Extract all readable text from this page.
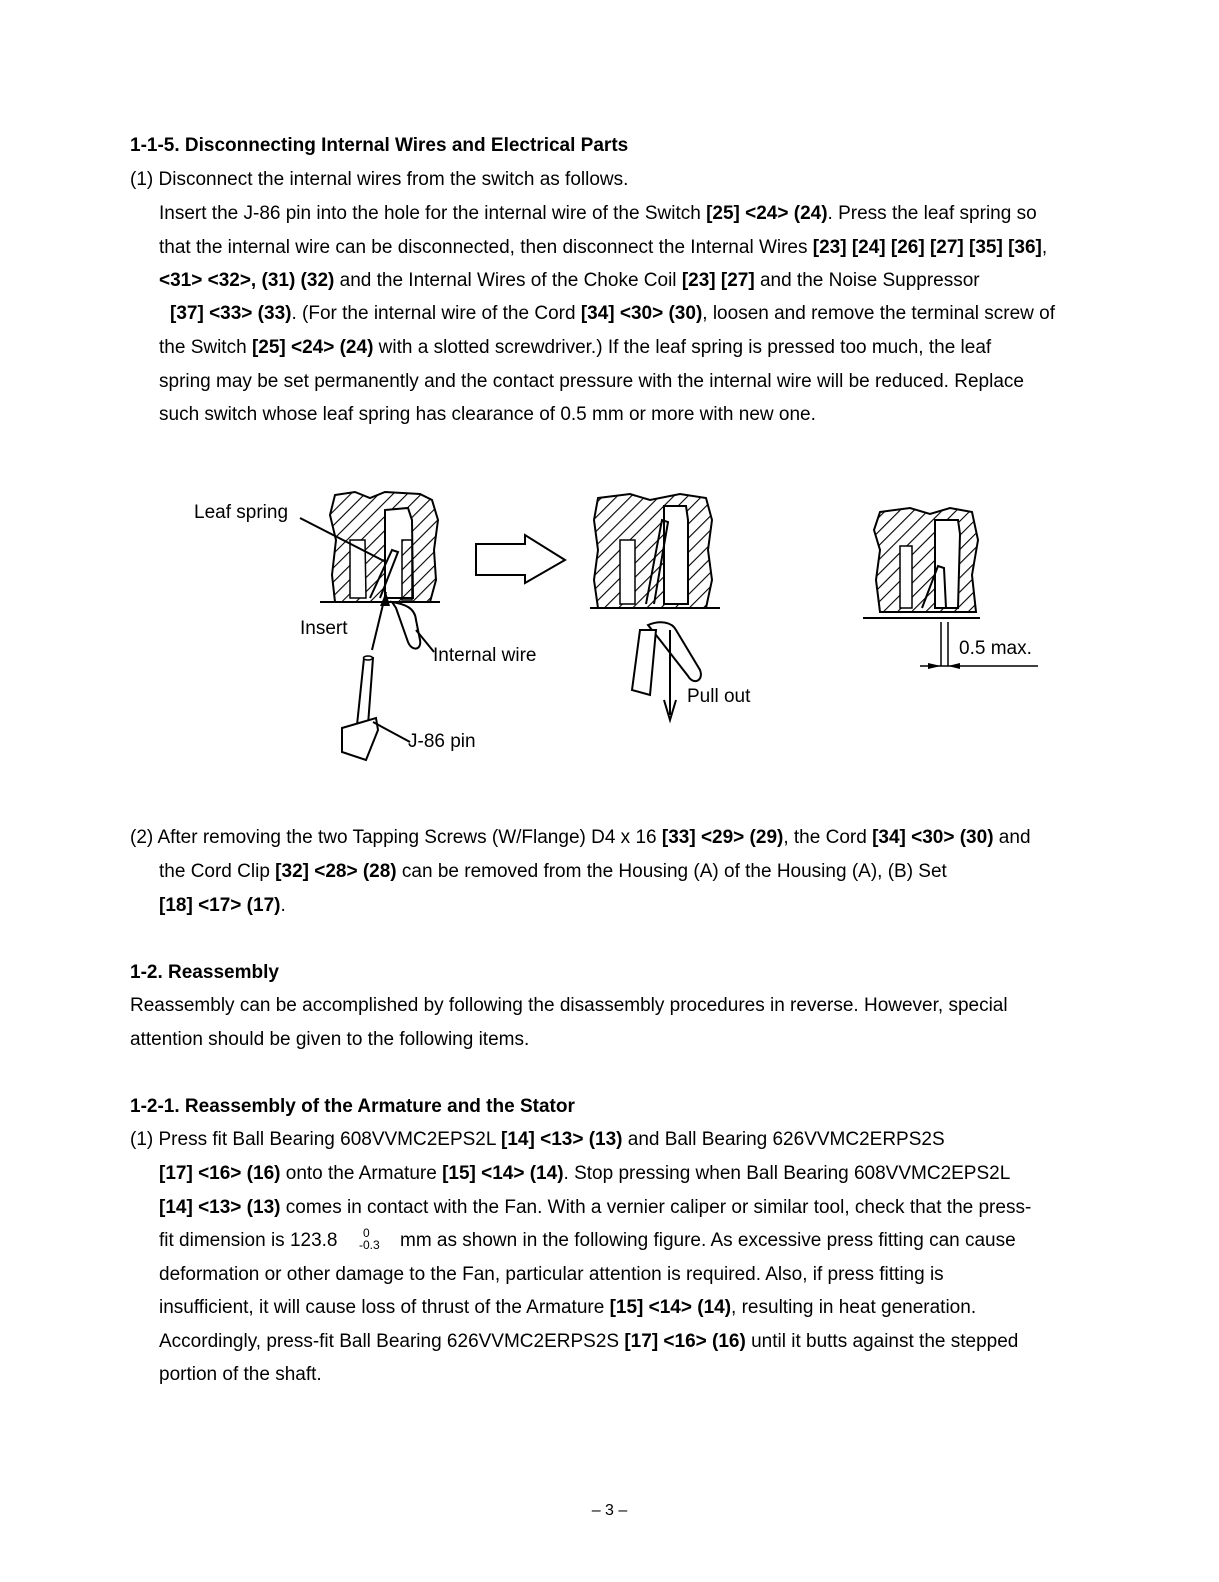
1-1-5. Disconnecting Internal Wires and Electrical Parts
(1) Disconnect the internal wires from the switch as follows.
Insert the J-86 pin into the hole for the internal wire of the Switch [25] <24> (24). Press the leaf spring so
that the internal wire can be disconnected, then disconnect the Internal Wires [23] [24] [26] [27] [35] [36],
<31> <32>, (31) (32) and the Internal Wires of the Choke Coil [23] [27] and the Noise Suppressor
[37] <33> (33). (For the internal wire of the Cord [34] <30> (30), loosen and remove the terminal screw of
the Switch [25] <24> (24) with a slotted screwdriver.) If the leaf spring is pressed too much, the leaf
spring may be set permanently and the contact pressure with the internal wire will be reduced. Replace
such switch whose leaf spring has clearance of 0.5 mm or more with new one.
Leaf spring
Insert
Internal wire
J-86 pin
Pull out
0.5 max.
(2) After removing the two Tapping Screws (W/Flange) D4 x 16 [33] <29> (29), the Cord [34] <30> (30) and
the Cord Clip [32] <28> (28) can be removed from the Housing (A) of the Housing (A), (B) Set
[18] <17> (17).
1-2. Reassembly
Reassembly can be accomplished by following the disassembly procedures in reverse. However, special
attention should be given to the following items.
1-2-1. Reassembly of the Armature and the Stator
(1) Press fit Ball Bearing 608VVMC2EPS2L [14] <13> (13) and Ball Bearing 626VVMC2ERPS2S
[17] <16> (16) onto the Armature [15] <14> (14). Stop pressing when Ball Bearing 608VVMC2EPS2L
[14] <13> (13) comes in contact with the Fan. With a vernier caliper or similar tool, check that the press-
fit dimension is 123.8 0
-0.3 mm as shown in the following figure. As excessive press fitting can cause
deformation or other damage to the Fan, particular attention is required. Also, if press fitting is
insufficient, it will cause loss of thrust of the Armature [15] <14> (14), resulting in heat generation.
Accordingly, press-fit Ball Bearing 626VVMC2ERPS2S [17] <16> (16) until it butts against the stepped
portion of the shaft.
– 3 –
